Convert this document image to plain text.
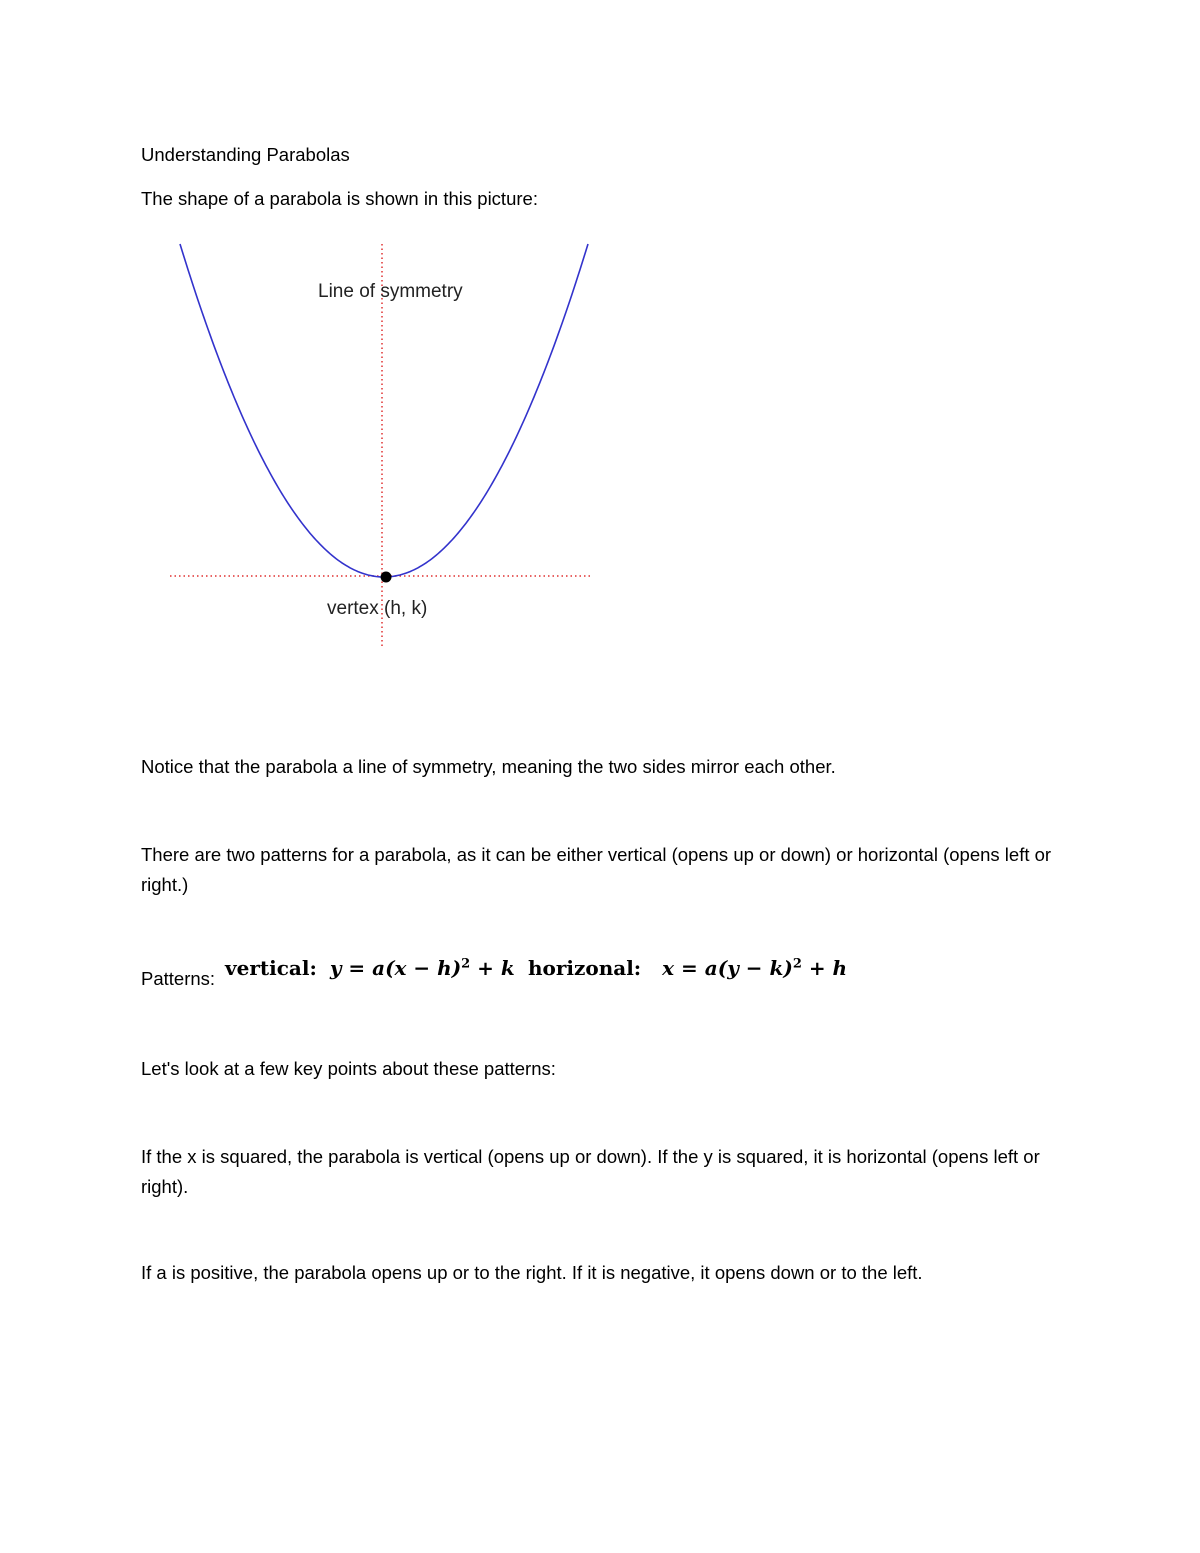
Understanding Parabolas
The shape of a parabola is shown in this picture:
Line of symmetry
vertex (h, k)
Notice that the parabola a line of symmetry, meaning the two sides mirror each other.
There are two patterns for a parabola, as it can be either vertical (opens up or down) or horizontal (opens left or right.)
Patterns: vertical: $y = a(x - h)^2 + k$ horizonal: $x = a(y - k)^2 + h$
Let's look at a few key points about these patterns:
If the x is squared, the parabola is vertical (opens up or down). If the y is squared, it is horizontal (opens left or right).
If a is positive, the parabola opens up or to the right. If it is negative, it opens down or to the left.
